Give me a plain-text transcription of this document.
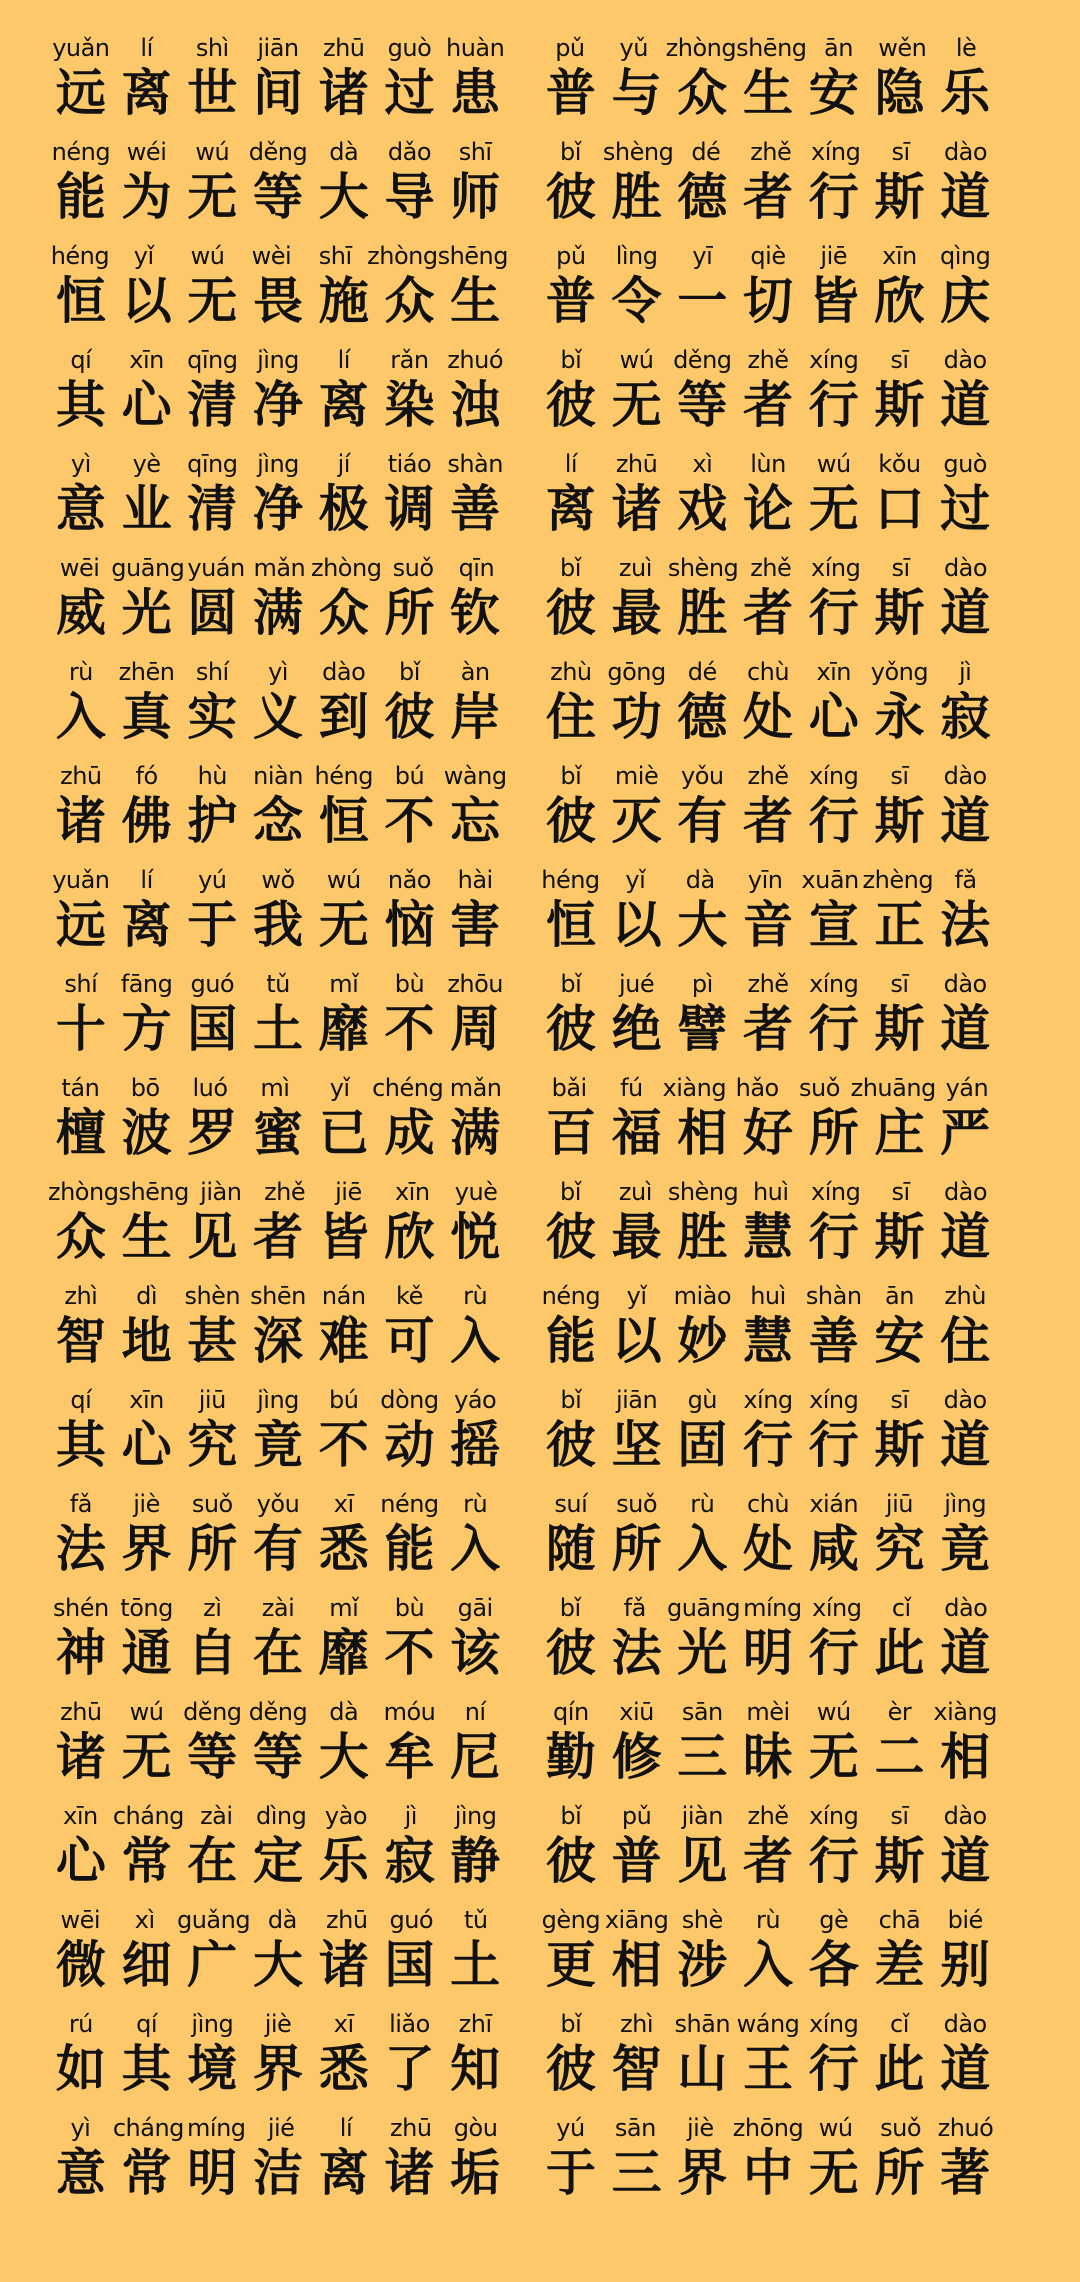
yuǎn	lí	shì	jiān	zhū guò huàn
远 离 世 间 诸 过 患
pǔ	yǔ zhòng shēng ān	wěn	lè
普 与 众 生 安 隐 乐
néng wéi	wú děng dà	dǎo	shī
能 为 无 等 大 导 师
bǐ shèng dé	zhě xíng	sī	dào
彼 胜 德 者 行 斯 道
héng	yǐ	wú	wèi	shī zhòng shēng
恒 以 无 畏 施 众 生
pǔ	lìng	yī	qiè	jiē	xīn qìng
普 令 一 切 皆 欣 庆
qí	xīn qīng jìng	lí	rǎn zhuó
其 心 清 净 离 染 浊
bǐ	wú děng zhě xíng	sī	dào
彼 无 等 者 行 斯 道
yì	yè	qīng jìng	jí	tiáo shàn
意 业 清 净 极 调 善
lí	zhū	xì	lùn	wú	kǒu guò
离 诸 戏 论 无 口 过
wēi guāng yuán mǎn zhòng suǒ	qīn
威 光 圆 满 众 所 钦
bǐ	zuì shèng zhě xíng	sī	dào
彼 最 胜 者 行 斯 道
rù	zhēn shí	yì	dào	bǐ	àn
入 真 实 义 到 彼 岸
zhù gōng dé	chù	xīn yǒng	jì
住 功 德 处 心 永 寂
zhū	fó	hù	niàn héng bú wàng
诸 佛 护 念 恒 不 忘
bǐ	miè yǒu zhě xíng	sī	dào
彼 灭 有 者 行 斯 道
yuǎn	lí	yú	wǒ	wú	nǎo	hài
远 离 于 我 无 恼 害
héng	yǐ	dà	yīn xuān zhèng fǎ
恒 以 大 音 宣 正 法
shí fāng guó	tǔ	mǐ	bù zhōu
十 方 国 土 靡 不 周
bǐ	jué	pì	zhě xíng	sī	dào
彼 绝 譬 者 行 斯 道
tán	bō	luó	mì	yǐ chéng mǎn
檀 波 罗 蜜 已 成 满
bǎi	fú xiàng hǎo suǒ zhuāng yán
百 福 相 好 所 庄 严
zhòng shēng jiàn zhě	jiē	xīn	yuè
众 生 见 者 皆 欣 悦
bǐ	zuì shèng huì xíng	sī	dào
彼 最 胜 慧 行 斯 道
zhì	dì	shèn shēn nán	kě	rù
智 地 甚 深 难 可 入
néng	yǐ	miào huì shàn ān	zhù
能 以 妙 慧 善 安 住
qí	xīn	jiū	jìng	bú dòng yáo
其 心 究 竟 不 动 摇
bǐ	jiān	gù	xíng xíng	sī	dào
彼 坚 固 行 行 斯 道
fǎ	jiè	suǒ yǒu	xī	néng	rù
法 界 所 有 悉 能 入
suí	suǒ	rù	chù xián	jiū	jìng
随 所 入 处 咸 究 竟
shén tōng	zì	zài	mǐ	bù	gāi
神 通 自 在 靡 不 该
bǐ	fǎ guāng míng xíng	cǐ	dào
彼 法 光 明 行 此 道
zhū	wú děng děng dà	móu	ní
诸 无 等 等 大 牟 尼
qín	xiū	sān mèi	wú	èr xiàng
勤 修 三 昧 无 二 相
xīn cháng zài dìng yào	jì	jìng
心 常 在 定 乐 寂 静
bǐ	pǔ	jiàn	zhě xíng	sī	dào
彼 普 见 者 行 斯 道
wēi	xì guǎng dà	zhū guó	tǔ
微 细 广 大 诸 国 土
gèng xiāng shè	rù	gè	chā	bié
更 相 涉 入 各 差 别
rú	qí	jìng	jiè	xī	liǎo	zhī
如 其 境 界 悉 了 知
bǐ	zhì shān wáng xíng	cǐ	dào
彼 智 山 王 行 此 道
yì cháng míng jié	lí	zhū gòu
意 常 明 洁 离 诸 垢
yú	sān	jiè zhōng wú	suǒ zhuó
于 三 界 中 无 所 著
